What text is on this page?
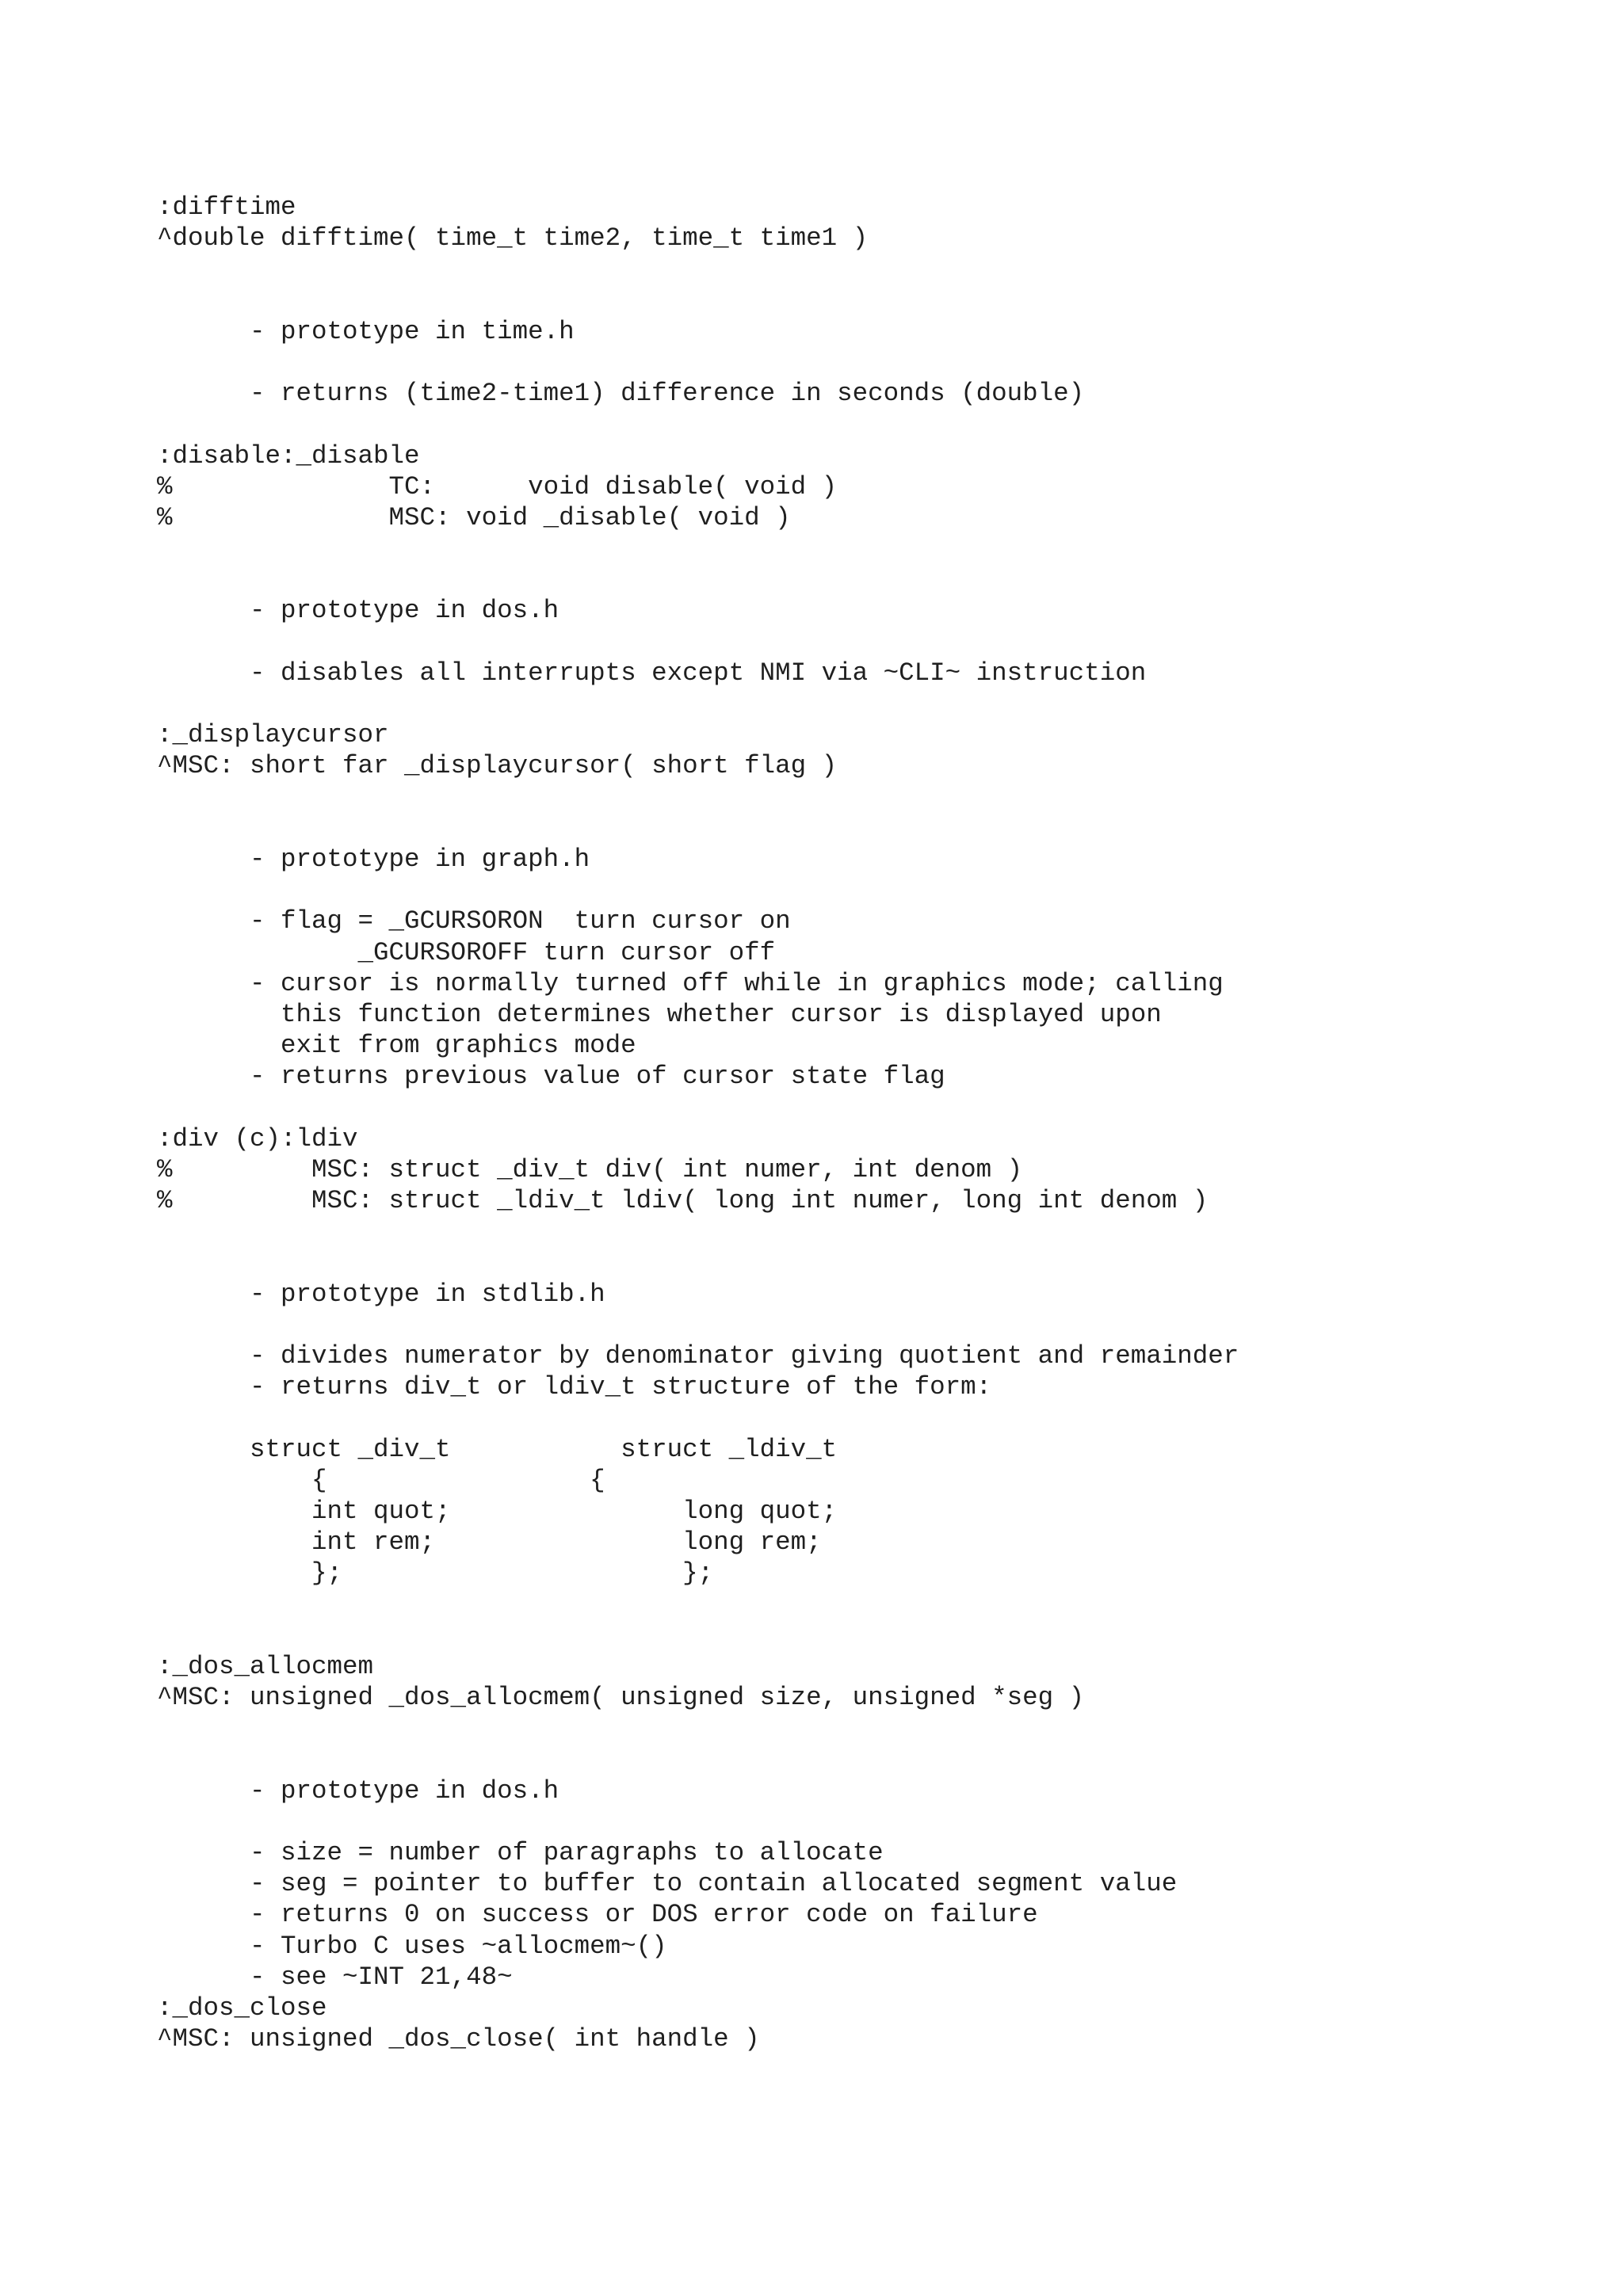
:difftime
^double difftime( time_t time2, time_t time1 )
- prototype in time.h
- returns (time2-time1) difference in seconds (double)
:disable:_disable
%              TC:      void disable( void )
%              MSC: void _disable( void )
- prototype in dos.h
- disables all interrupts except NMI via ~CLI~ instruction
:_displaycursor
^MSC: short far _displaycursor( short flag )
- prototype in graph.h
- flag = _GCURSORON  turn cursor on
_GCURSOROFF turn cursor off
- cursor is normally turned off while in graphics mode; calling
this function determines whether cursor is displayed upon
exit from graphics mode
- returns previous value of cursor state flag
:div (c):ldiv
%         MSC: struct _div_t div( int numer, int denom )
%         MSC: struct _ldiv_t ldiv( long int numer, long int denom )
- prototype in stdlib.h
- divides numerator by denominator giving quotient and remainder
- returns div_t or ldiv_t structure of the form:
struct _div_t           struct _ldiv_t
{                 {
int quot;               long quot;
int rem;                long rem;
};                      };
:_dos_allocmem
^MSC: unsigned _dos_allocmem( unsigned size, unsigned *seg )
- prototype in dos.h
- size = number of paragraphs to allocate
- seg = pointer to buffer to contain allocated segment value
- returns 0 on success or DOS error code on failure
- Turbo C uses ~allocmem~()
- see ~INT 21,48~
:_dos_close
^MSC: unsigned _dos_close( int handle )
